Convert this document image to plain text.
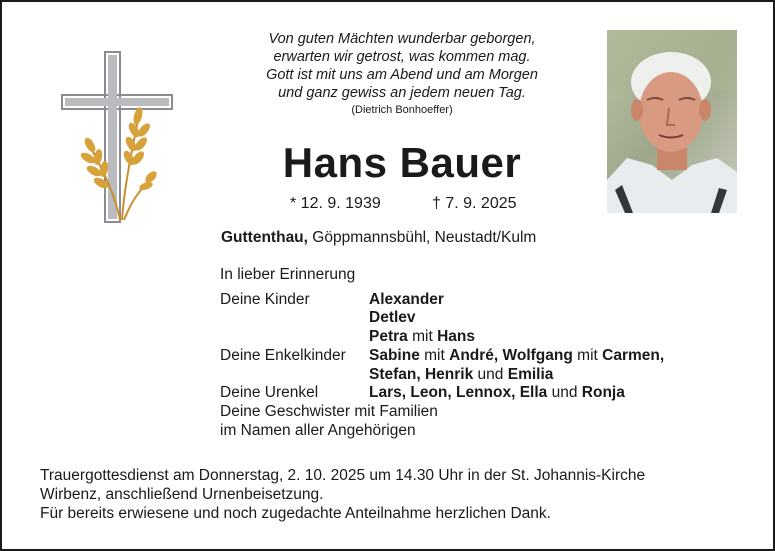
Von guten Mächten wunderbar geborgen,
erwarten wir getrost, was kommen mag.
Gott ist mit uns am Abend und am Morgen
und ganz gewiss an jedem neuen Tag.
(Dietrich Bonhoeffer)
Hans Bauer
* 12. 9. 1939	† 7. 9. 2025
Guttenthau, Göppmannsbühl, Neustadt/Kulm
In lieber Erinnerung
Deine Kinder	Alexander
Detlev
Petra mit Hans
Deine Enkelkinder	Sabine mit André, Wolfgang mit Carmen,
Stefan, Henrik und Emilia
Deine Urenkel	Lars, Leon, Lennox, Ella und Ronja
Deine Geschwister mit Familien
im Namen aller Angehörigen
Trauergottesdienst am Donnerstag, 2. 10. 2025 um 14.30 Uhr in der St. Johannis-Kirche
Wirbenz, anschließend Urnenbeisetzung.
Für bereits erwiesene und noch zugedachte Anteilnahme herzlichen Dank.
